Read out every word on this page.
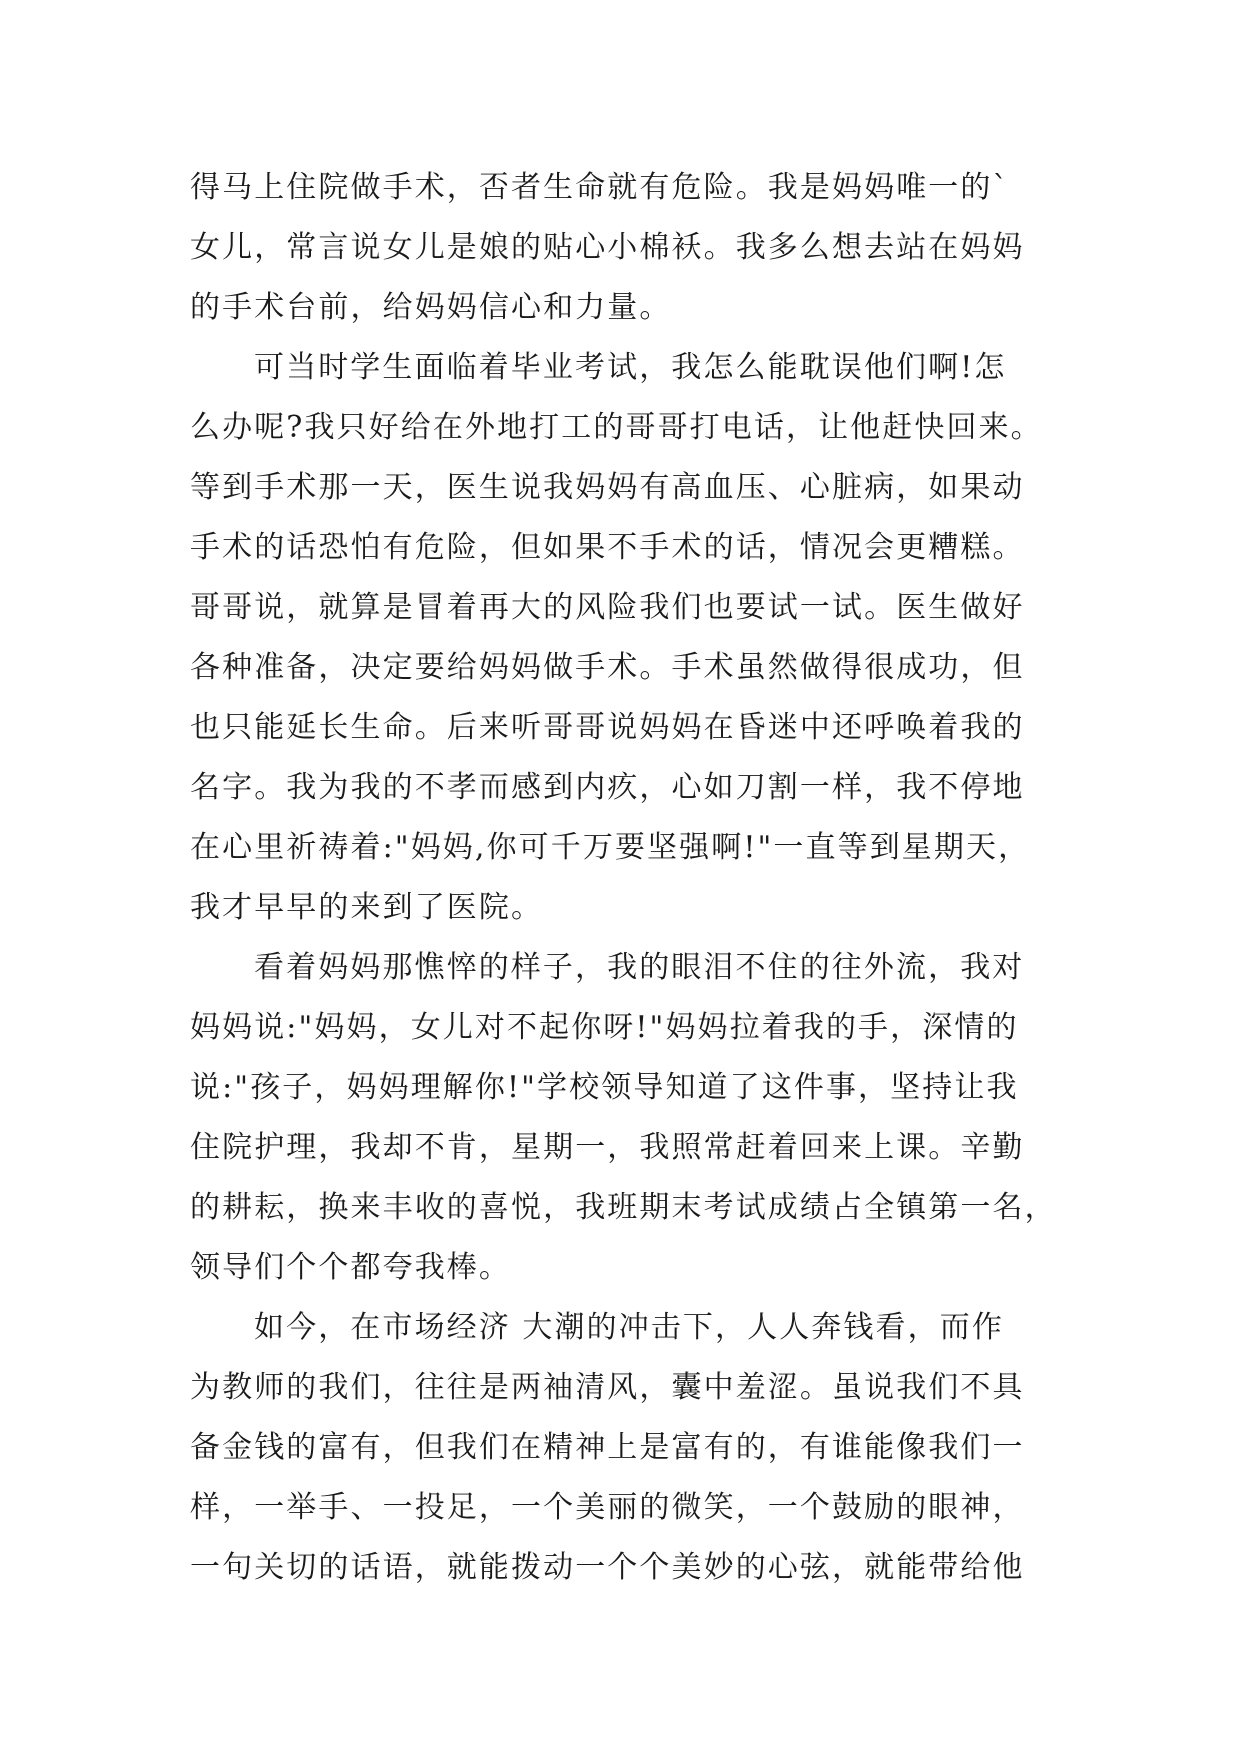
得马上住院做手术，否者生命就有危险。我是妈妈唯一的`
女儿，常言说女儿是娘的贴心小棉袄。我多么想去站在妈妈
的手术台前，给妈妈信心和力量。
可当时学生面临着毕业考试，我怎么能耽误他们啊!怎
么办呢?我只好给在外地打工的哥哥打电话，让他赶快回来。
等到手术那一天，医生说我妈妈有高血压、心脏病，如果动
手术的话恐怕有危险，但如果不手术的话，情况会更糟糕。
哥哥说，就算是冒着再大的风险我们也要试一试。医生做好
各种准备，决定要给妈妈做手术。手术虽然做得很成功，但
也只能延长生命。后来听哥哥说妈妈在昏迷中还呼唤着我的
名字。我为我的不孝而感到内疚，心如刀割一样，我不停地
在心里祈祷着:"妈妈,你可千万要坚强啊!"一直等到星期天，
我才早早的来到了医院。
看着妈妈那憔悴的样子，我的眼泪不住的往外流，我对
妈妈说:"妈妈，女儿对不起你呀!"妈妈拉着我的手，深情的
说:"孩子，妈妈理解你!"学校领导知道了这件事，坚持让我
住院护理，我却不肯，星期一，我照常赶着回来上课。辛勤
的耕耘，换来丰收的喜悦，我班期末考试成绩占全镇第一名，
领导们个个都夸我棒。
如今，在市场经济 大潮的冲击下，人人奔钱看，而作
为教师的我们，往往是两袖清风，囊中羞涩。虽说我们不具
备金钱的富有，但我们在精神上是富有的，有谁能像我们一
样，一举手、一投足，一个美丽的微笑，一个鼓励的眼神，
一句关切的话语，就能拨动一个个美妙的心弦，就能带给他
